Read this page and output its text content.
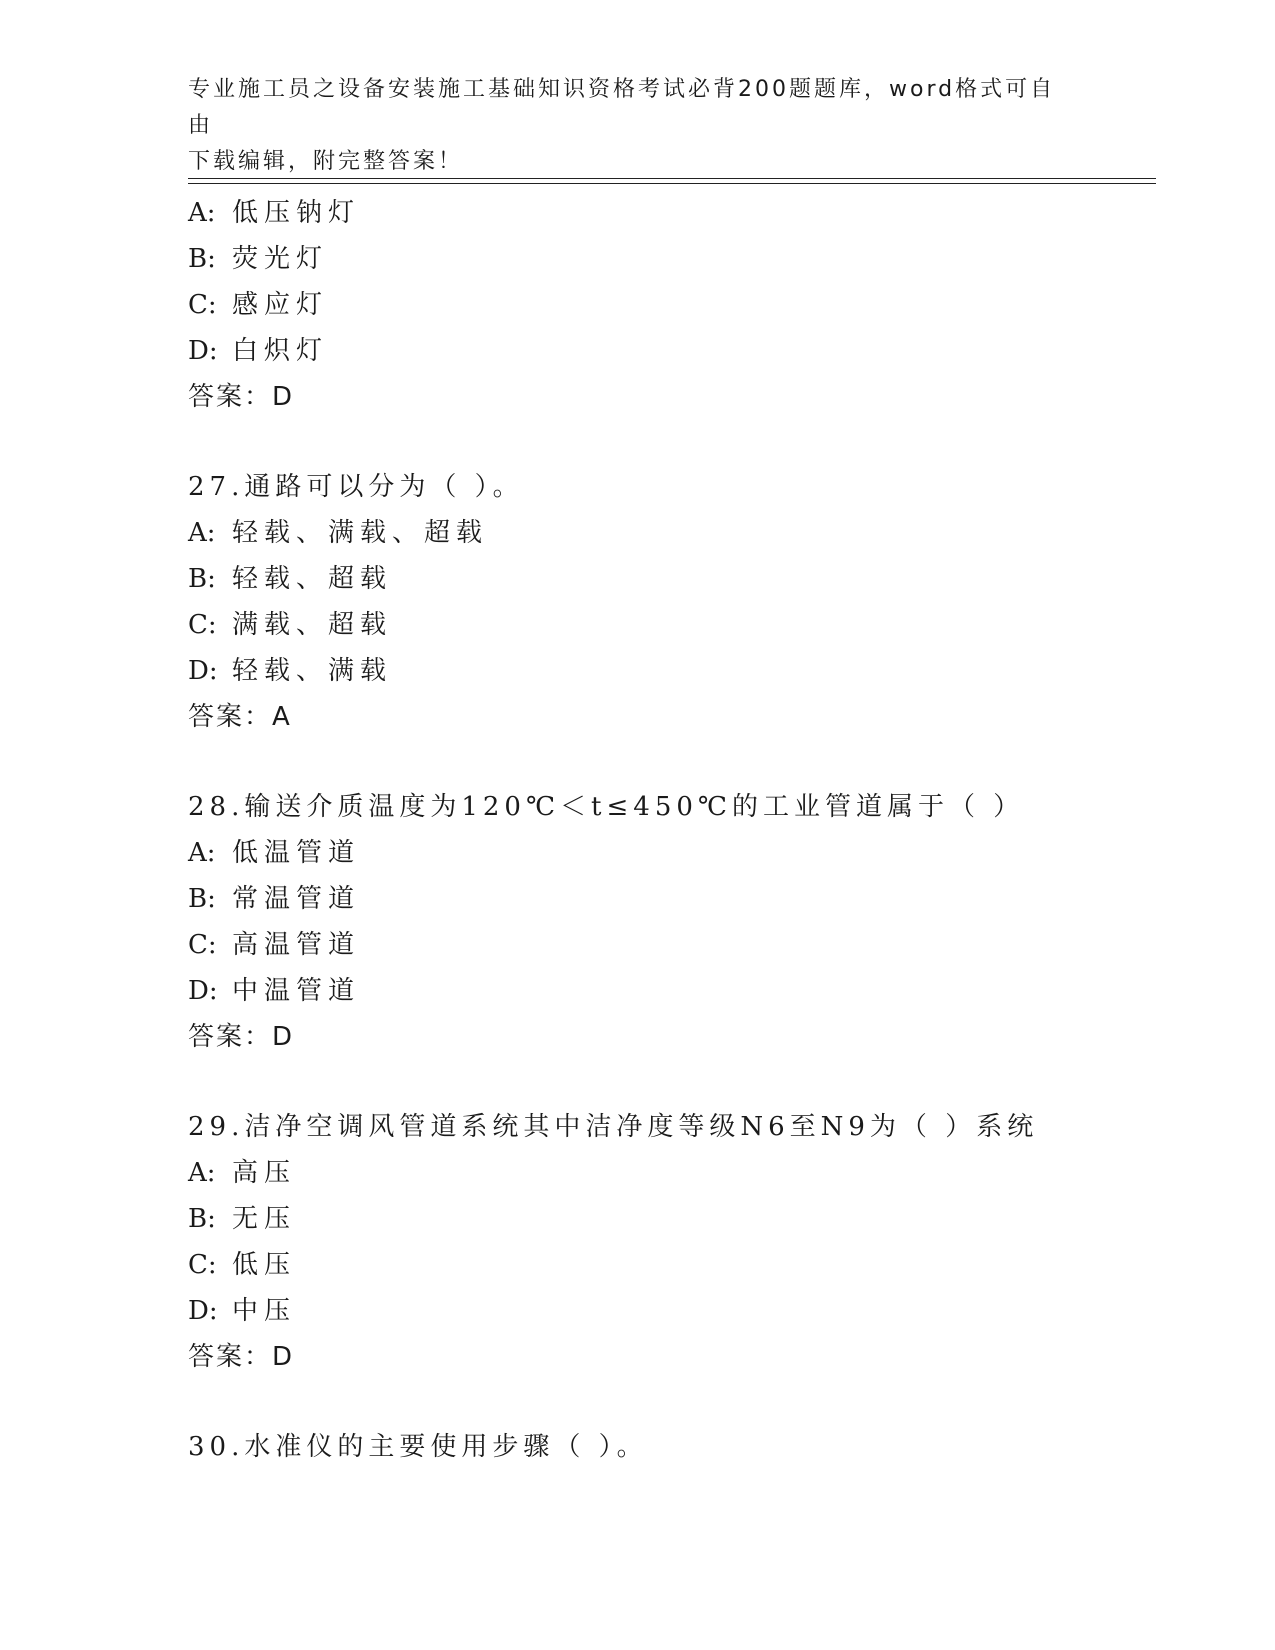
专业施工员之设备安装施工基础知识资格考试必背200题题库，word格式可自由
下载编辑，附完整答案！
A: 低压钠灯
B: 荧光灯
C: 感应灯
D: 白炽灯
答案：D
27.通路可以分为（ ）。
A: 轻载、满载、超载
B: 轻载、超载
C: 满载、超载
D: 轻载、满载
答案：A
28.输送介质温度为120℃＜t≤450℃的工业管道属于（ ）
A: 低温管道
B: 常温管道
C: 高温管道
D: 中温管道
答案：D
29.洁净空调风管道系统其中洁净度等级N6至N9为（ ）系统
A: 高压
B: 无压
C: 低压
D: 中压
答案：D
30.水准仪的主要使用步骤（ ）。
